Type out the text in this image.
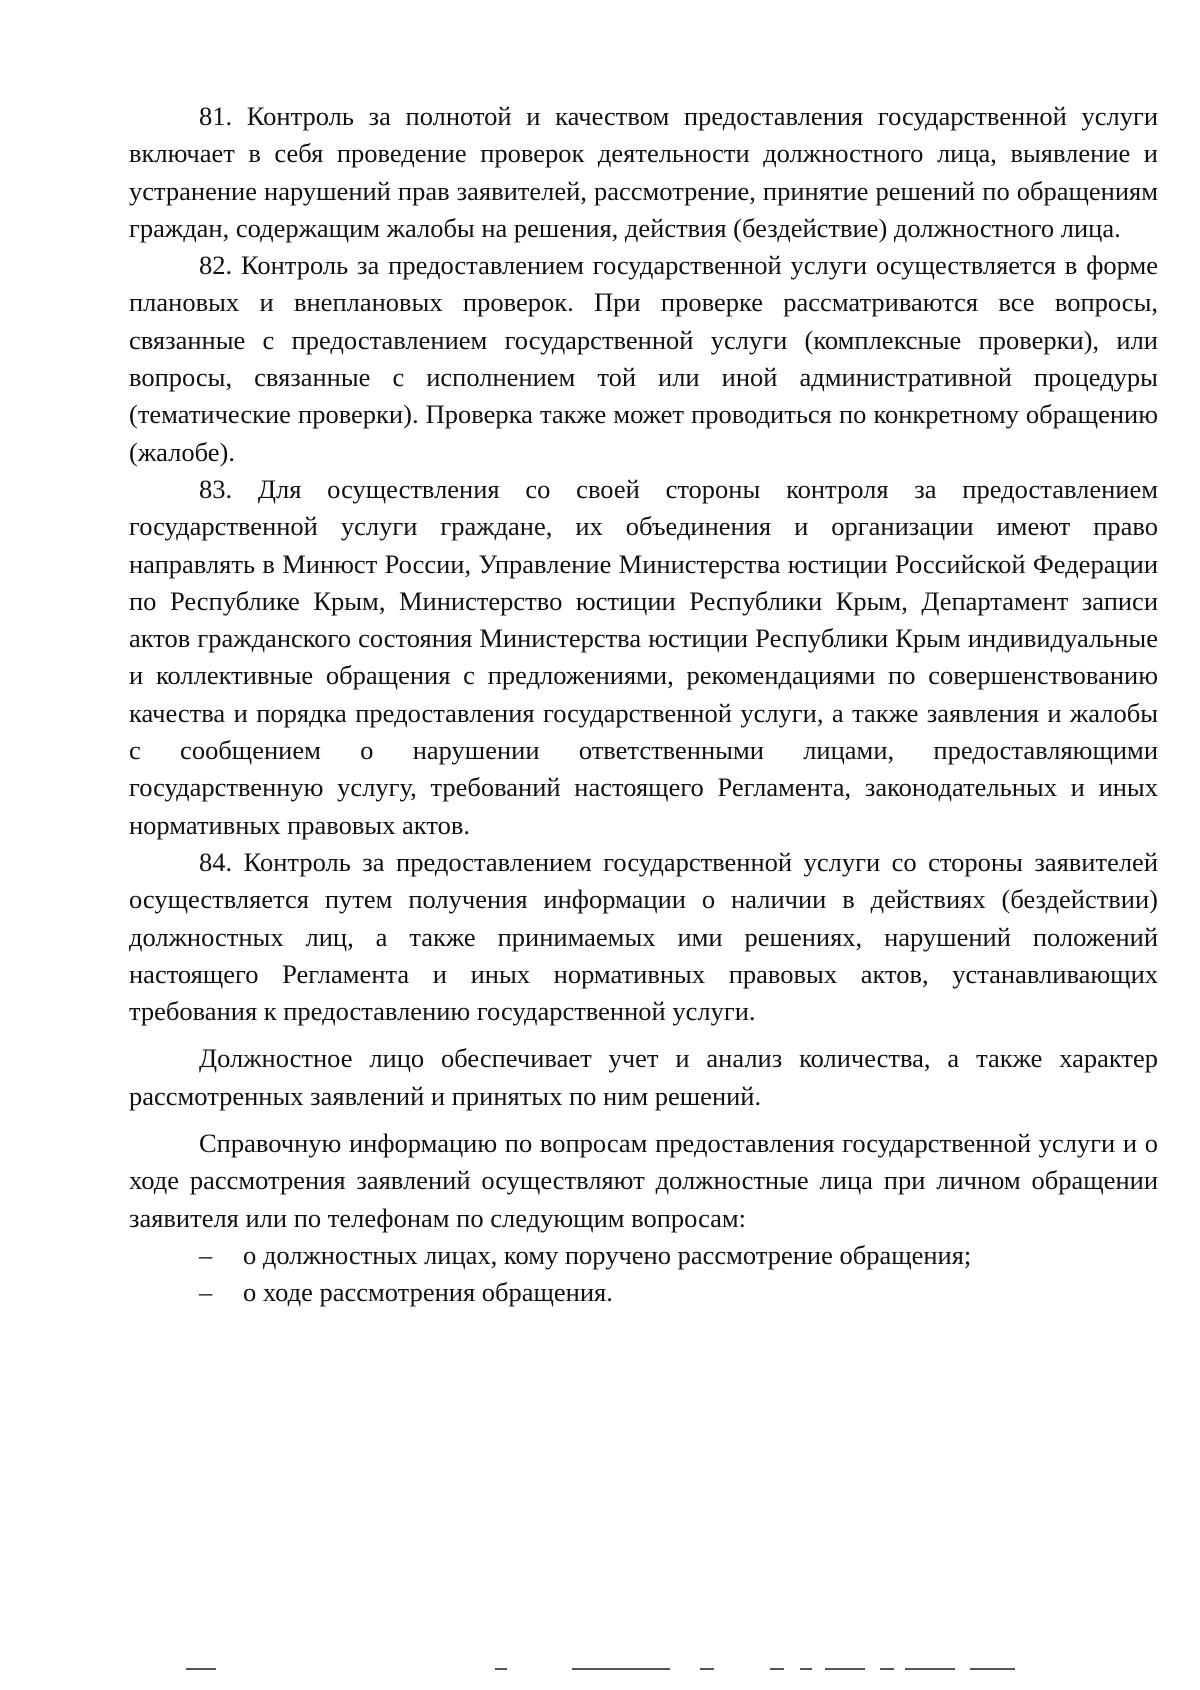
81. Контроль за полнотой и качеством предоставления государственной услуги включает в себя проведение проверок деятельности должностного лица, выявление и устранение нарушений прав заявителей, рассмотрение, принятие решений по обращениям граждан, содержащим жалобы на решения, действия (бездействие) должностного лица.

82. Контроль за предоставлением государственной услуги осуществляется в форме плановых и внеплановых проверок. При проверке рассматриваются все вопросы, связанные с предоставлением государственной услуги (комплексные проверки), или вопросы, связанные с исполнением той или иной административной процедуры (тематические проверки). Проверка также может проводиться по конкретному обращению (жалобе).

83. Для осуществления со своей стороны контроля за предоставлением государственной услуги граждане, их объединения и организации имеют право направлять в Минюст России, Управление Министерства юстиции Российской Федерации по Республике Крым, Министерство юстиции Республики Крым, Департамент записи актов гражданского состояния Министерства юстиции Республики Крым индивидуальные и коллективные обращения с предложениями, рекомендациями по совершенствованию качества и порядка предоставления государственной услуги, а также заявления и жалобы с сообщением о нарушении ответственными лицами, предоставляющими государственную услугу, требований настоящего Регламента, законодательных и иных нормативных правовых актов.

84. Контроль за предоставлением государственной услуги со стороны заявителей осуществляется путем получения информации о наличии в действиях (бездействии) должностных лиц, а также принимаемых ими решениях, нарушений положений настоящего Регламента и иных нормативных правовых актов, устанавливающих требования к предоставлению государственной услуги.

Должностное лицо обеспечивает учет и анализ количества, а также характер рассмотренных заявлений и принятых по ним решений.

Справочную информацию по вопросам предоставления государственной услуги и о ходе рассмотрения заявлений осуществляют должностные лица при личном обращении заявителя или по телефонам по следующим вопросам:

–	о должностных лицах, кому поручено рассмотрение обращения;
–	о ходе рассмотрения обращения.
